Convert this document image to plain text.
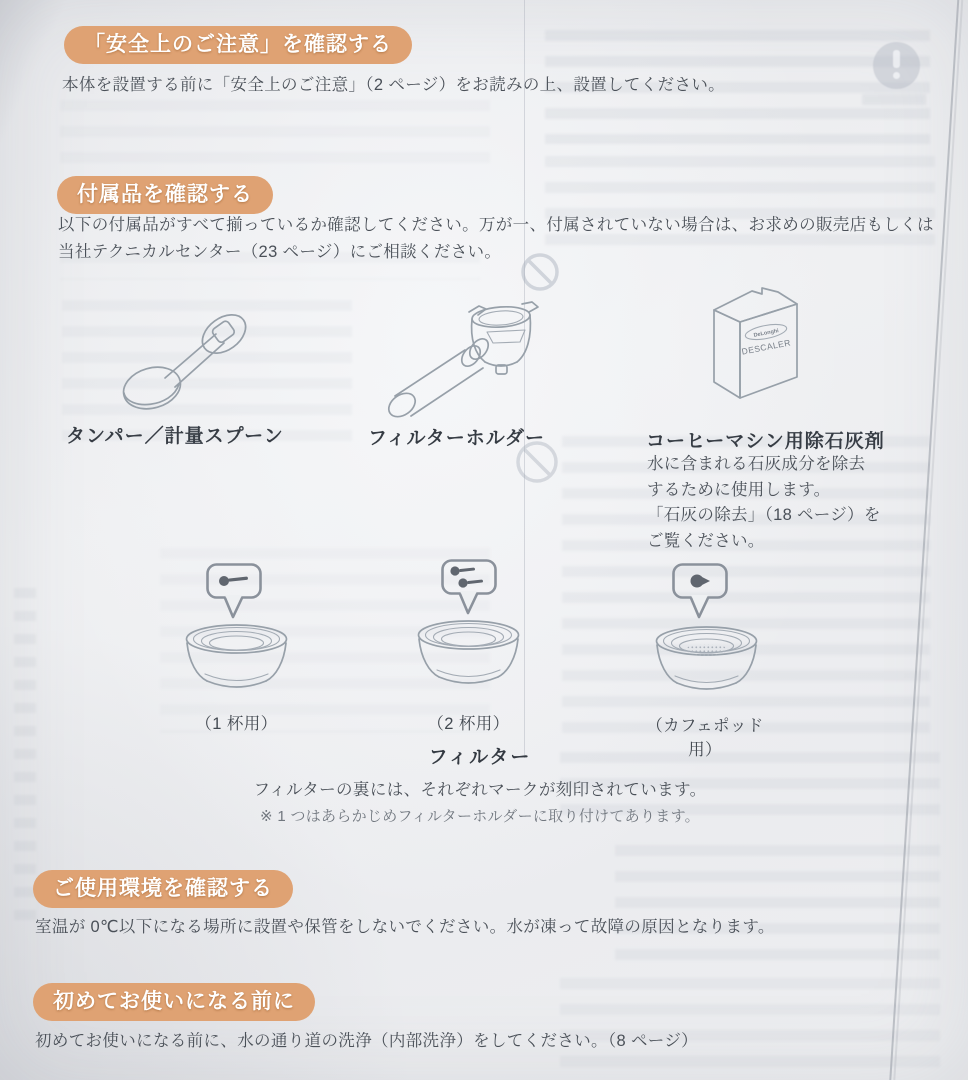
「安全上のご注意」を確認する
本体を設置する前に「安全上のご注意」（2 ページ）をお読みの上、設置してください。
付属品を確認する
以下の付属品がすべて揃っているか確認してください。万が一、付属されていない場合は、お求めの販売店もしくは当社テクニカルセンター（23 ページ）にご相談ください。
タンパー／計量スプーン	フィルターホルダー
DeLonghi
DESCALER
コーヒーマシン用除石灰剤
水に含まれる石灰成分を除去
するために使用します。
「石灰の除去」（18 ページ）を
ご覧ください。
（1 杯用）	（2 杯用）	（カフェポッド用）
フィルター
フィルターの裏には、それぞれマークが刻印されています。
※ 1 つはあらかじめフィルターホルダーに取り付けてあります。
ご使用環境を確認する
室温が 0℃以下になる場所に設置や保管をしないでください。水が凍って故障の原因となります。
初めてお使いになる前に
初めてお使いになる前に、水の通り道の洗浄（内部洗浄）をしてください。（8 ページ）
